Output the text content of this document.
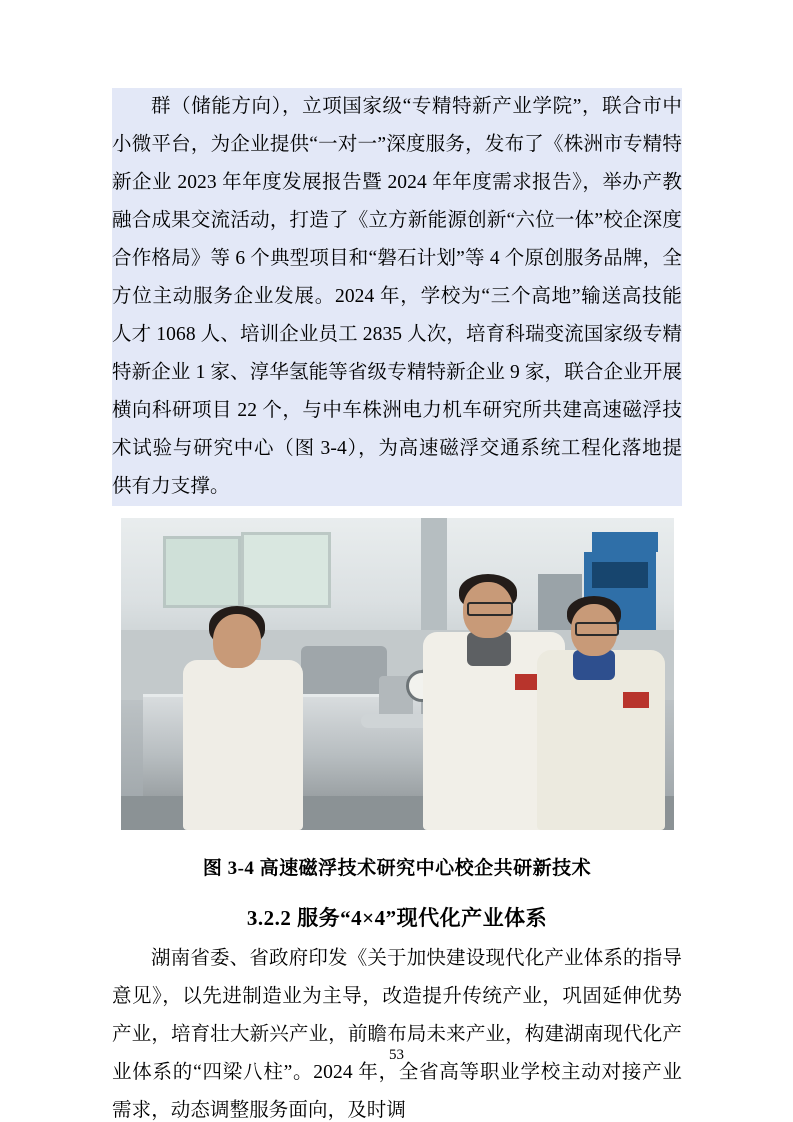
群（储能方向），立项国家级“专精特新产业学院”，联合市中小微平台，为企业提供“一对一”深度服务，发布了《株洲市专精特新企业 2023 年年度发展报告暨 2024 年年度需求报告》，举办产教融合成果交流活动，打造了《立方新能源创新“六位一体”校企深度合作格局》等 6 个典型项目和“磐石计划”等 4 个原创服务品牌，全方位主动服务企业发展。2024 年，学校为“三个高地”输送高技能人才 1068 人、培训企业员工 2835 人次，培育科瑞变流国家级专精特新企业 1 家、淳华氢能等省级专精特新企业 9 家，联合企业开展横向科研项目 22 个，与中车株洲电力机车研究所共建高速磁浮技术试验与研究中心（图 3-4），为高速磁浮交通系统工程化落地提供有力支撑。
图 3-4 高速磁浮技术研究中心校企共研新技术
3.2.2 服务“4×4”现代化产业体系
湖南省委、省政府印发《关于加快建设现代化产业体系的指导意见》，以先进制造业为主导，改造提升传统产业，巩固延伸优势产业，培育壮大新兴产业，前瞻布局未来产业，构建湖南现代化产业体系的“四梁八柱”。2024 年，全省高等职业学校主动对接产业需求，动态调整服务面向，及时调
53
